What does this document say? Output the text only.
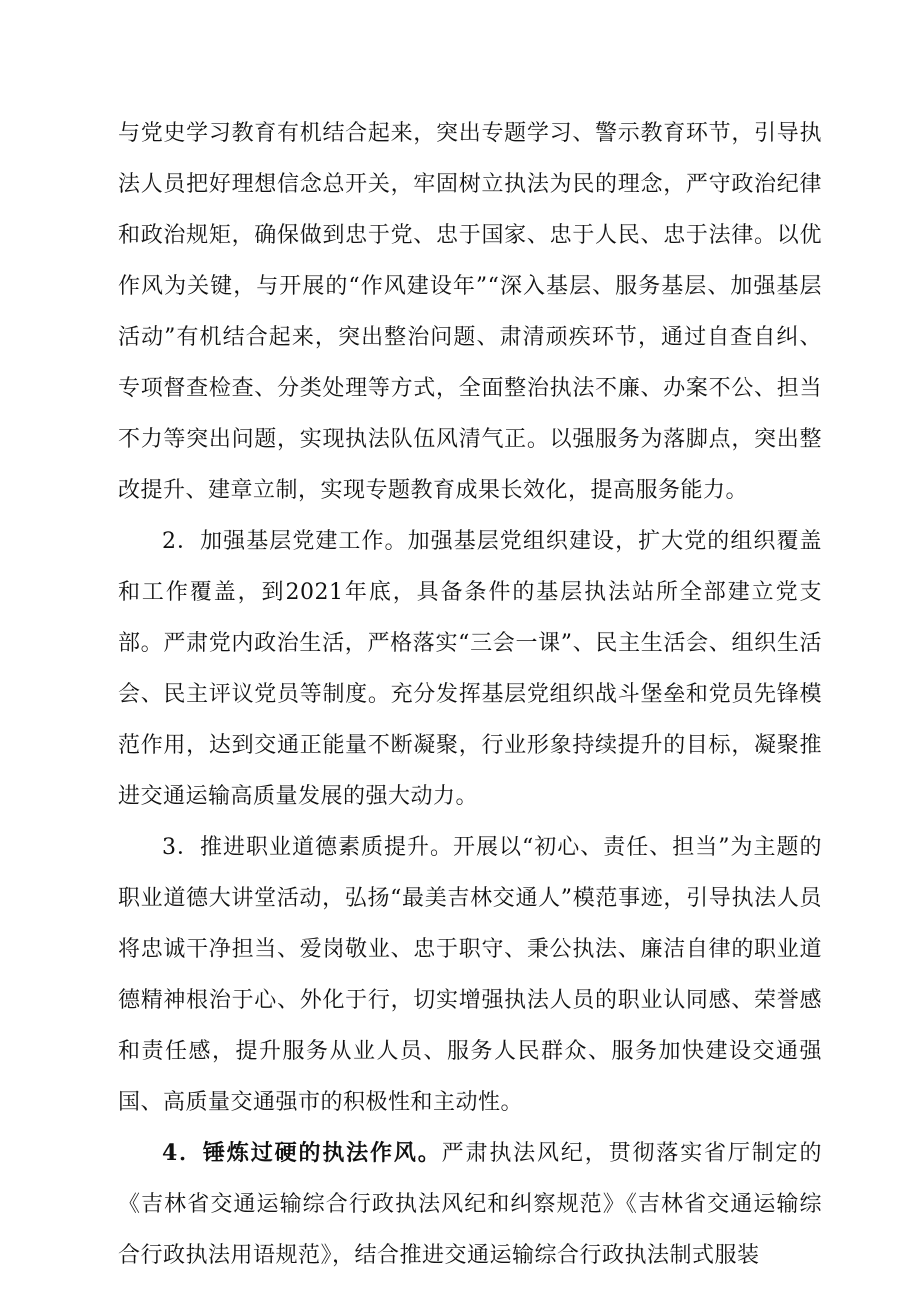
与党史学习教育有机结合起来，突出专题学习、警示教育环节，引导执法人员把好理想信念总开关，牢固树立执法为民的理念，严守政治纪律和政治规矩，确保做到忠于党、忠于国家、忠于人民、忠于法律。以优作风为关键，与开展的“作风建设年”“深入基层、服务基层、加强基层活动”有机结合起来，突出整治问题、肃清顽疾环节，通过自查自纠、专项督查检查、分类处理等方式，全面整治执法不廉、办案不公、担当不力等突出问题，实现执法队伍风清气正。以强服务为落脚点，突出整改提升、建章立制，实现专题教育成果长效化，提高服务能力。

2．加强基层党建工作。加强基层党组织建设，扩大党的组织覆盖和工作覆盖，到2021年底，具备条件的基层执法站所全部建立党支部。严肃党内政治生活，严格落实“三会一课”、民主生活会、组织生活会、民主评议党员等制度。充分发挥基层党组织战斗堡垒和党员先锋模范作用，达到交通正能量不断凝聚，行业形象持续提升的目标，凝聚推进交通运输高质量发展的强大动力。

3．推进职业道德素质提升。开展以“初心、责任、担当”为主题的职业道德大讲堂活动，弘扬“最美吉林交通人”模范事迹，引导执法人员将忠诚干净担当、爱岗敬业、忠于职守、秉公执法、廉洁自律的职业道德精神根治于心、外化于行，切实增强执法人员的职业认同感、荣誉感和责任感，提升服务从业人员、服务人民群众、服务加快建设交通强国、高质量交通强市的积极性和主动性。

4．锤炼过硬的执法作风。严肃执法风纪，贯彻落实省厅制定的《吉林省交通运输综合行政执法风纪和纠察规范》《吉林省交通运输综合行政执法用语规范》，结合推进交通运输综合行政执法制式服装
